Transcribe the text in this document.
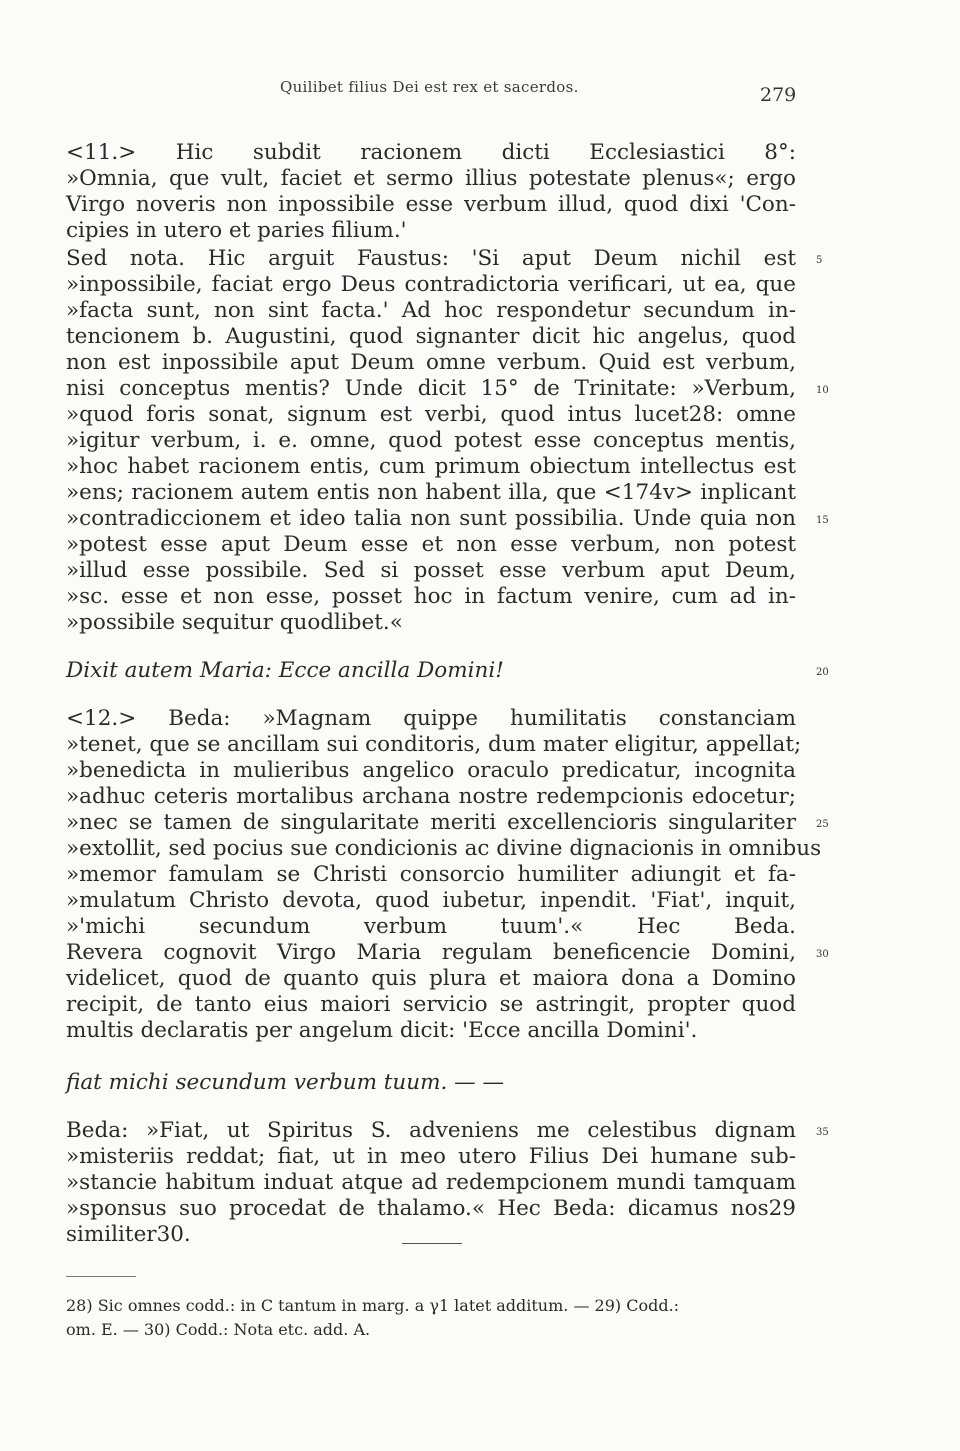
Quilibet filius Dei est rex et sacerdos.	279
<11.> Hic subdit racionem dicti Ecclesiastici 8°:
»Omnia, que vult, faciet et sermo illius potestate plenus«; ergo
Virgo noveris non inpossibile esse verbum illud, quod dixi 'Con-
cipies in utero et paries filium.'
Sed nota. Hic arguit Faustus: 'Si aput Deum nichil est
»inpossibile, faciat ergo Deus contradictoria verificari, ut ea, que
»facta sunt, non sint facta.' Ad hoc respondetur secundum in-
tencionem b. Augustini, quod signanter dicit hic angelus, quod
non est inpossibile aput Deum omne verbum. Quid est verbum,
nisi conceptus mentis? Unde dicit 15° de Trinitate: »Verbum,
»quod foris sonat, signum est verbi, quod intus lucet28: omne
»igitur verbum, i. e. omne, quod potest esse conceptus mentis,
»hoc habet racionem entis, cum primum obiectum intellectus est
»ens; racionem autem entis non habent illa, que <174v> inplicant
»contradiccionem et ideo talia non sunt possibilia. Unde quia non
»potest esse aput Deum esse et non esse verbum, non potest
»illud esse possibile. Sed si posset esse verbum aput Deum,
»sc. esse et non esse, posset hoc in factum venire, cum ad in-
»possibile sequitur quodlibet.«
Dixit autem Maria: Ecce ancilla Domini!
<12.> Beda: »Magnam quippe humilitatis constanciam
»tenet, que se ancillam sui conditoris, dum mater eligitur, appellat;
»benedicta in mulieribus angelico oraculo predicatur, incognita
»adhuc ceteris mortalibus archana nostre redempcionis edocetur;
»nec se tamen de singularitate meriti excellencioris singulariter
»extollit, sed pocius sue condicionis ac divine dignacionis in omnibus
»memor famulam se Christi consorcio humiliter adiungit et fa-
»mulatum Christo devota, quod iubetur, inpendit. 'Fiat', inquit,
»'michi secundum verbum tuum'.« Hec Beda.
Revera cognovit Virgo Maria regulam beneficencie Domini,
videlicet, quod de quanto quis plura et maiora dona a Domino
recipit, de tanto eius maiori servicio se astringit, propter quod
multis declaratis per angelum dicit: 'Ecce ancilla Domini'.
fiat michi secundum verbum tuum. — —
Beda: »Fiat, ut Spiritus S. adveniens me celestibus dignam
»misteriis reddat; fiat, ut in meo utero Filius Dei humane sub-
»stancie habitum induat atque ad redempcionem mundi tamquam
»sponsus suo procedat de thalamo.« Hec Beda: dicamus nos29
similiter30.
5
10
15
20
25
30
35
28) Sic omnes codd.: in C tantum in marg. a γ1 latet additum. — 29) Codd.:
om. E. — 30) Codd.: Nota etc. add. A.
